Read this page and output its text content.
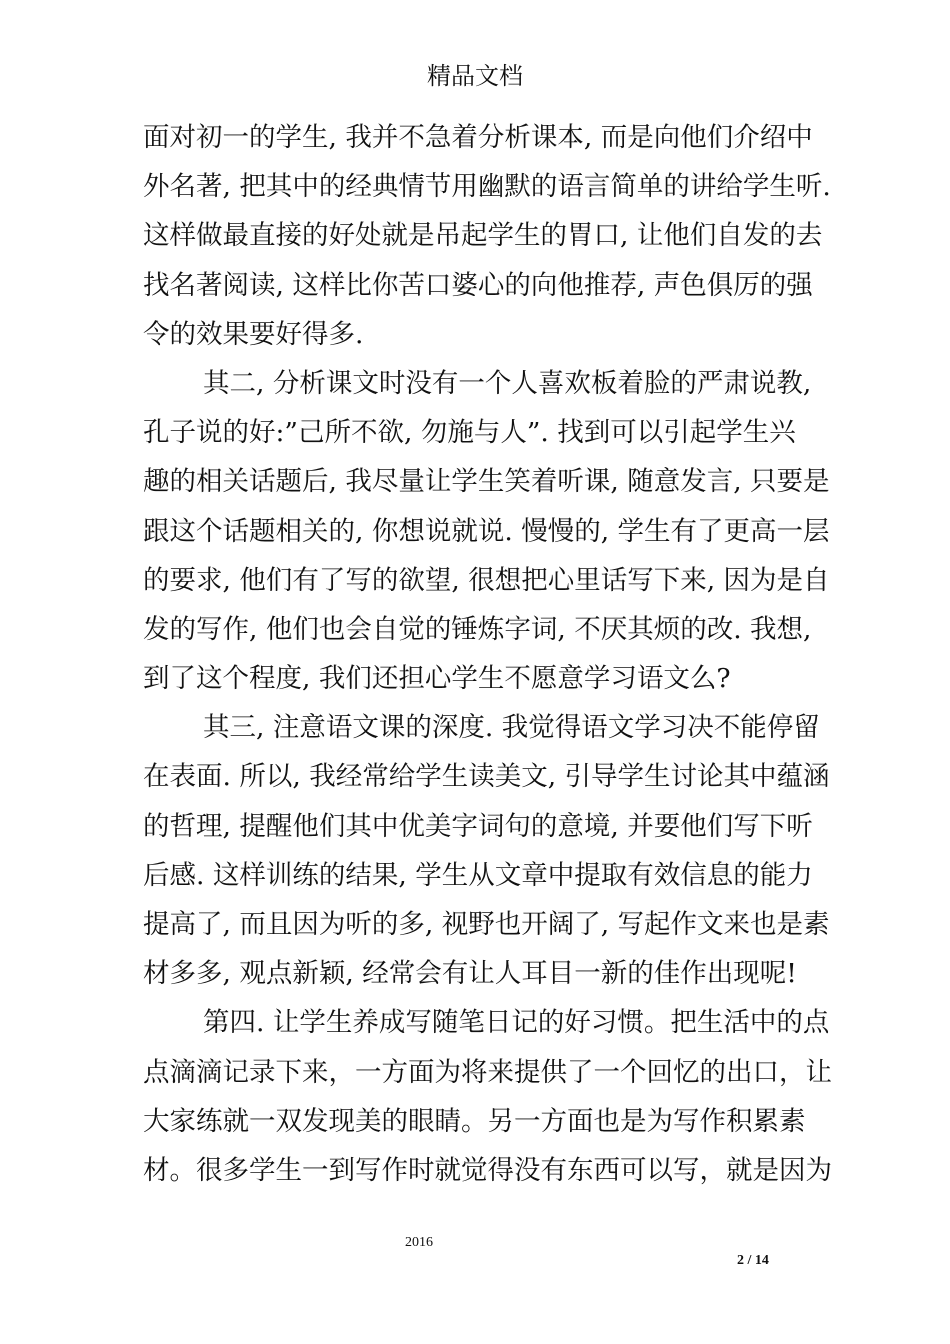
精品文档
面对初一的学生, 我并不急着分析课本, 而是向他们介绍中
外名著, 把其中的经典情节用幽默的语言简单的讲给学生听.
这样做最直接的好处就是吊起学生的胃口, 让他们自发的去
找名著阅读, 这样比你苦口婆心的向他推荐, 声色俱厉的强
令的效果要好得多.
其二, 分析课文时没有一个人喜欢板着脸的严肃说教,
孔子说的好:”己所不欲, 勿施与人”. 找到可以引起学生兴
趣的相关话题后, 我尽量让学生笑着听课, 随意发言, 只要是
跟这个话题相关的, 你想说就说. 慢慢的, 学生有了更高一层
的要求, 他们有了写的欲望, 很想把心里话写下来, 因为是自
发的写作, 他们也会自觉的锤炼字词, 不厌其烦的改. 我想,
到了这个程度, 我们还担心学生不愿意学习语文么?
其三, 注意语文课的深度. 我觉得语文学习决不能停留
在表面. 所以, 我经常给学生读美文, 引导学生讨论其中蕴涵
的哲理, 提醒他们其中优美字词句的意境, 并要他们写下听
后感. 这样训练的结果, 学生从文章中提取有效信息的能力
提高了, 而且因为听的多, 视野也开阔了, 写起作文来也是素
材多多, 观点新颖, 经常会有让人耳目一新的佳作出现呢!
第四. 让学生养成写随笔日记的好习惯。把生活中的点
点滴滴记录下来，一方面为将来提供了一个回忆的出口，让
大家练就一双发现美的眼睛。另一方面也是为写作积累素
材。很多学生一到写作时就觉得没有东西可以写，就是因为
2016
2 / 14
